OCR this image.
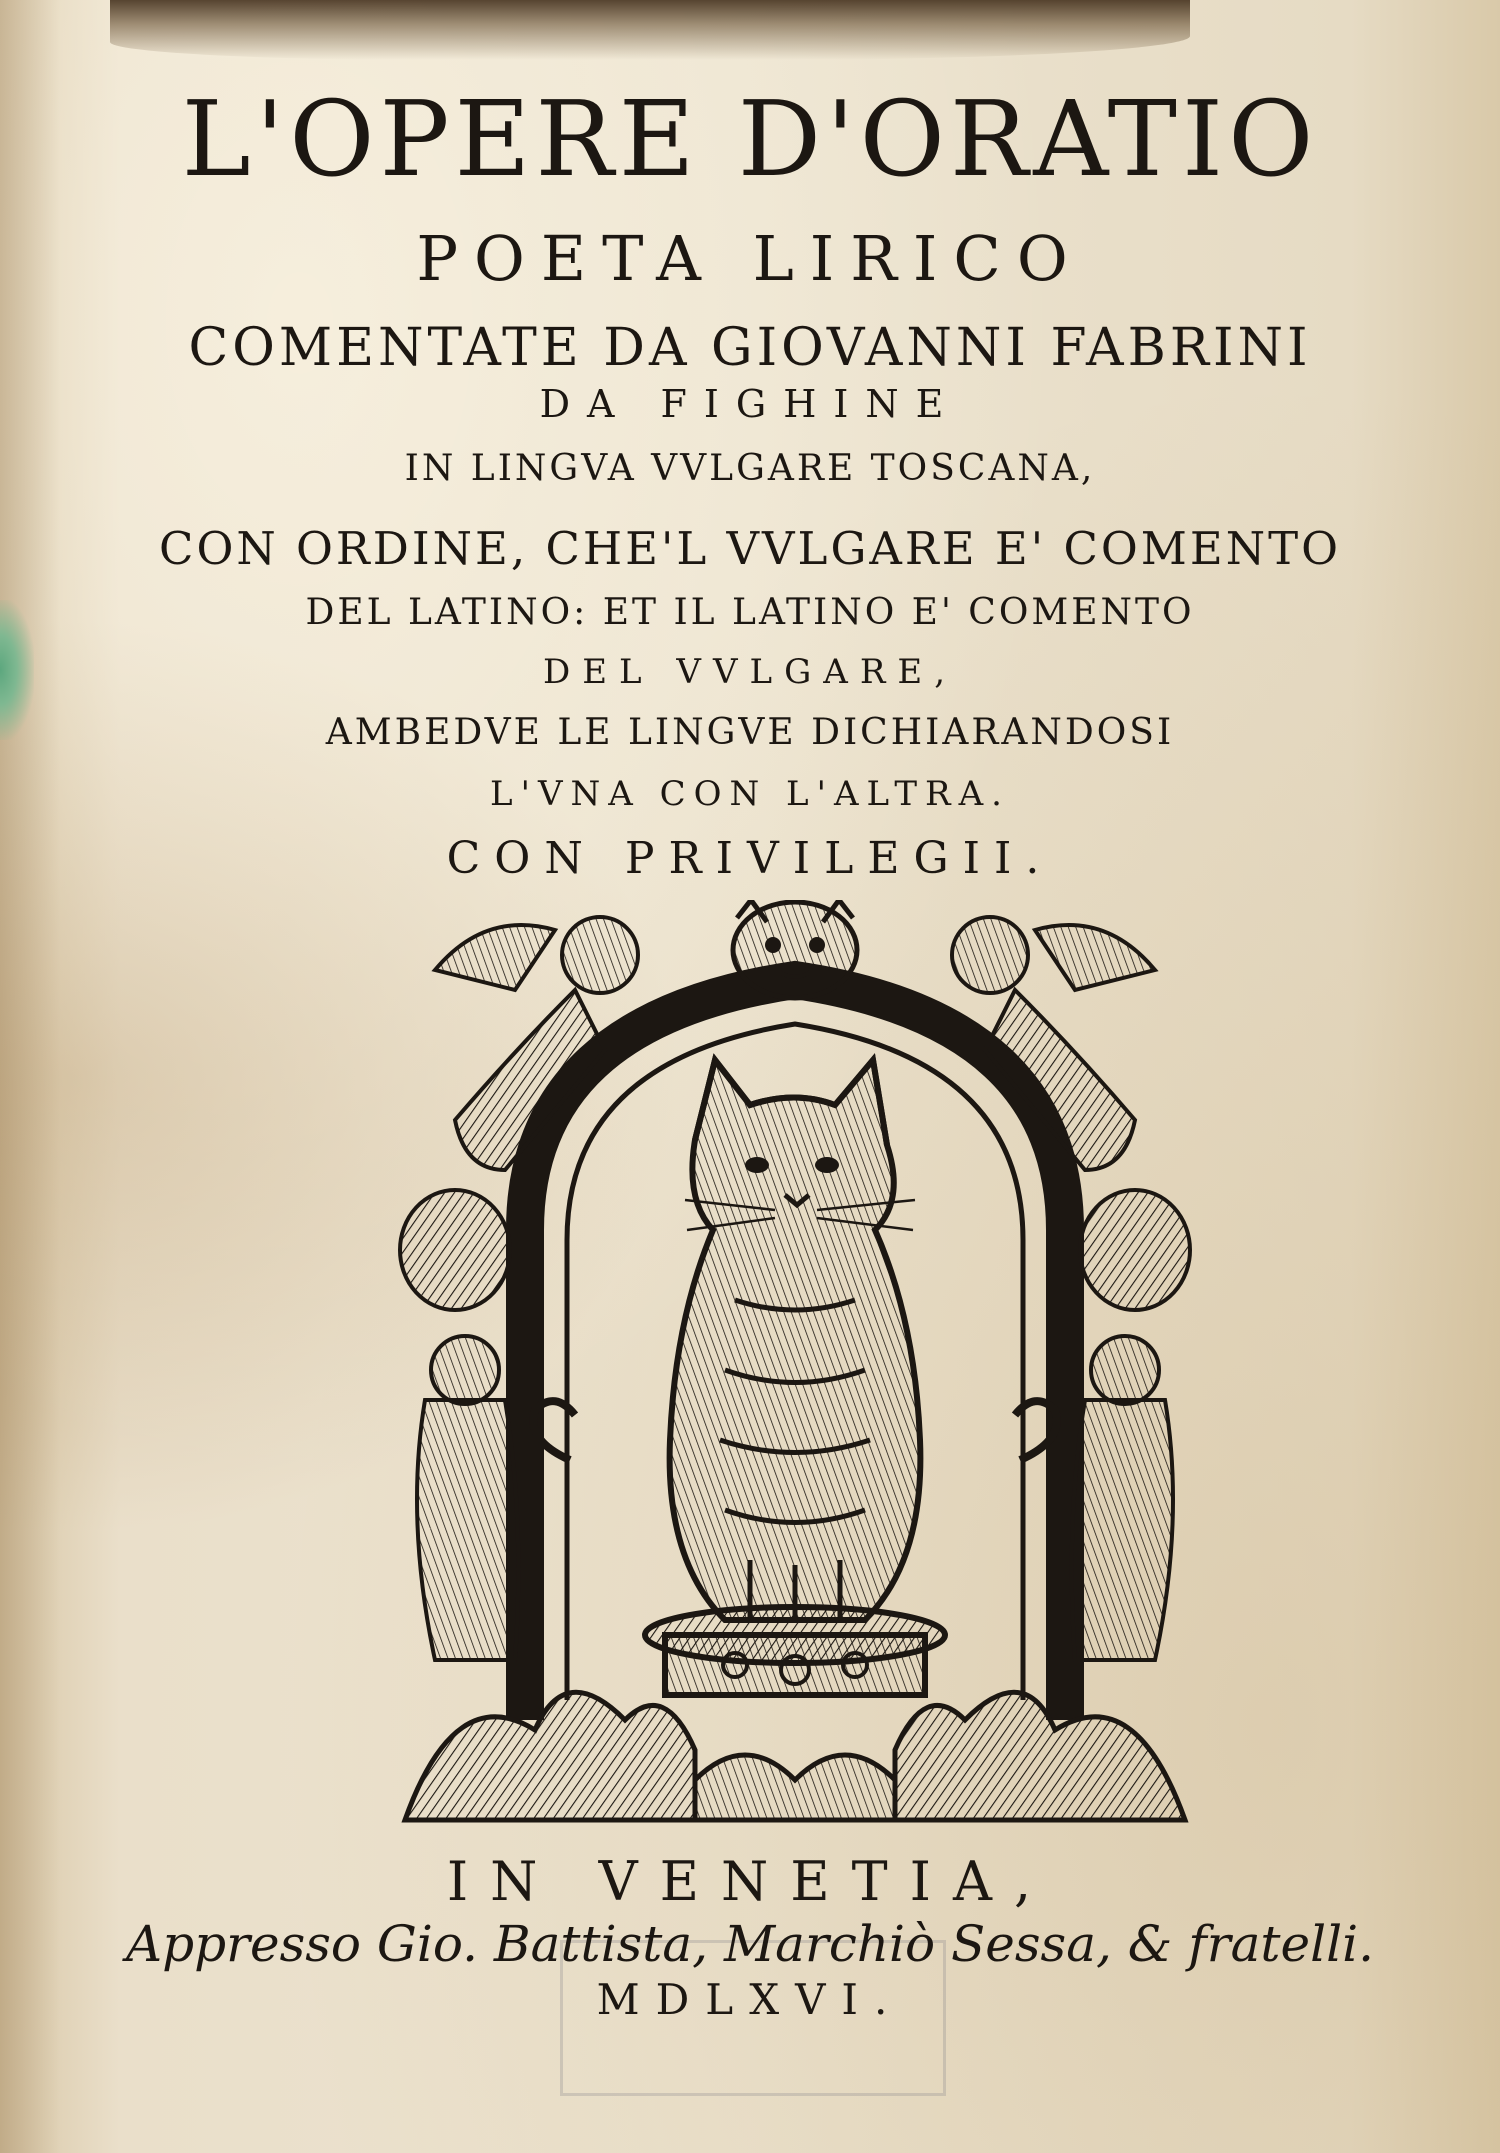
L'OPERE D'ORATIO
POETA LIRICO
COMENTATE DA GIOVANNI FABRINI
DA FIGHINE
IN LINGVA VVLGARE TOSCANA,
CON ORDINE, CHE'L VVLGARE E' COMENTO
DEL LATINO: ET IL LATINO E' COMENTO
DEL VVLGARE,
AMBEDVE LE LINGVE DICHIARANDOSI
L'VNA CON L'ALTRA.
CON PRIVILEGII.
IN VENETIA,
Appresso Gio. Battista, Marchiò Sessa, & fratelli.
MDLXVI.
